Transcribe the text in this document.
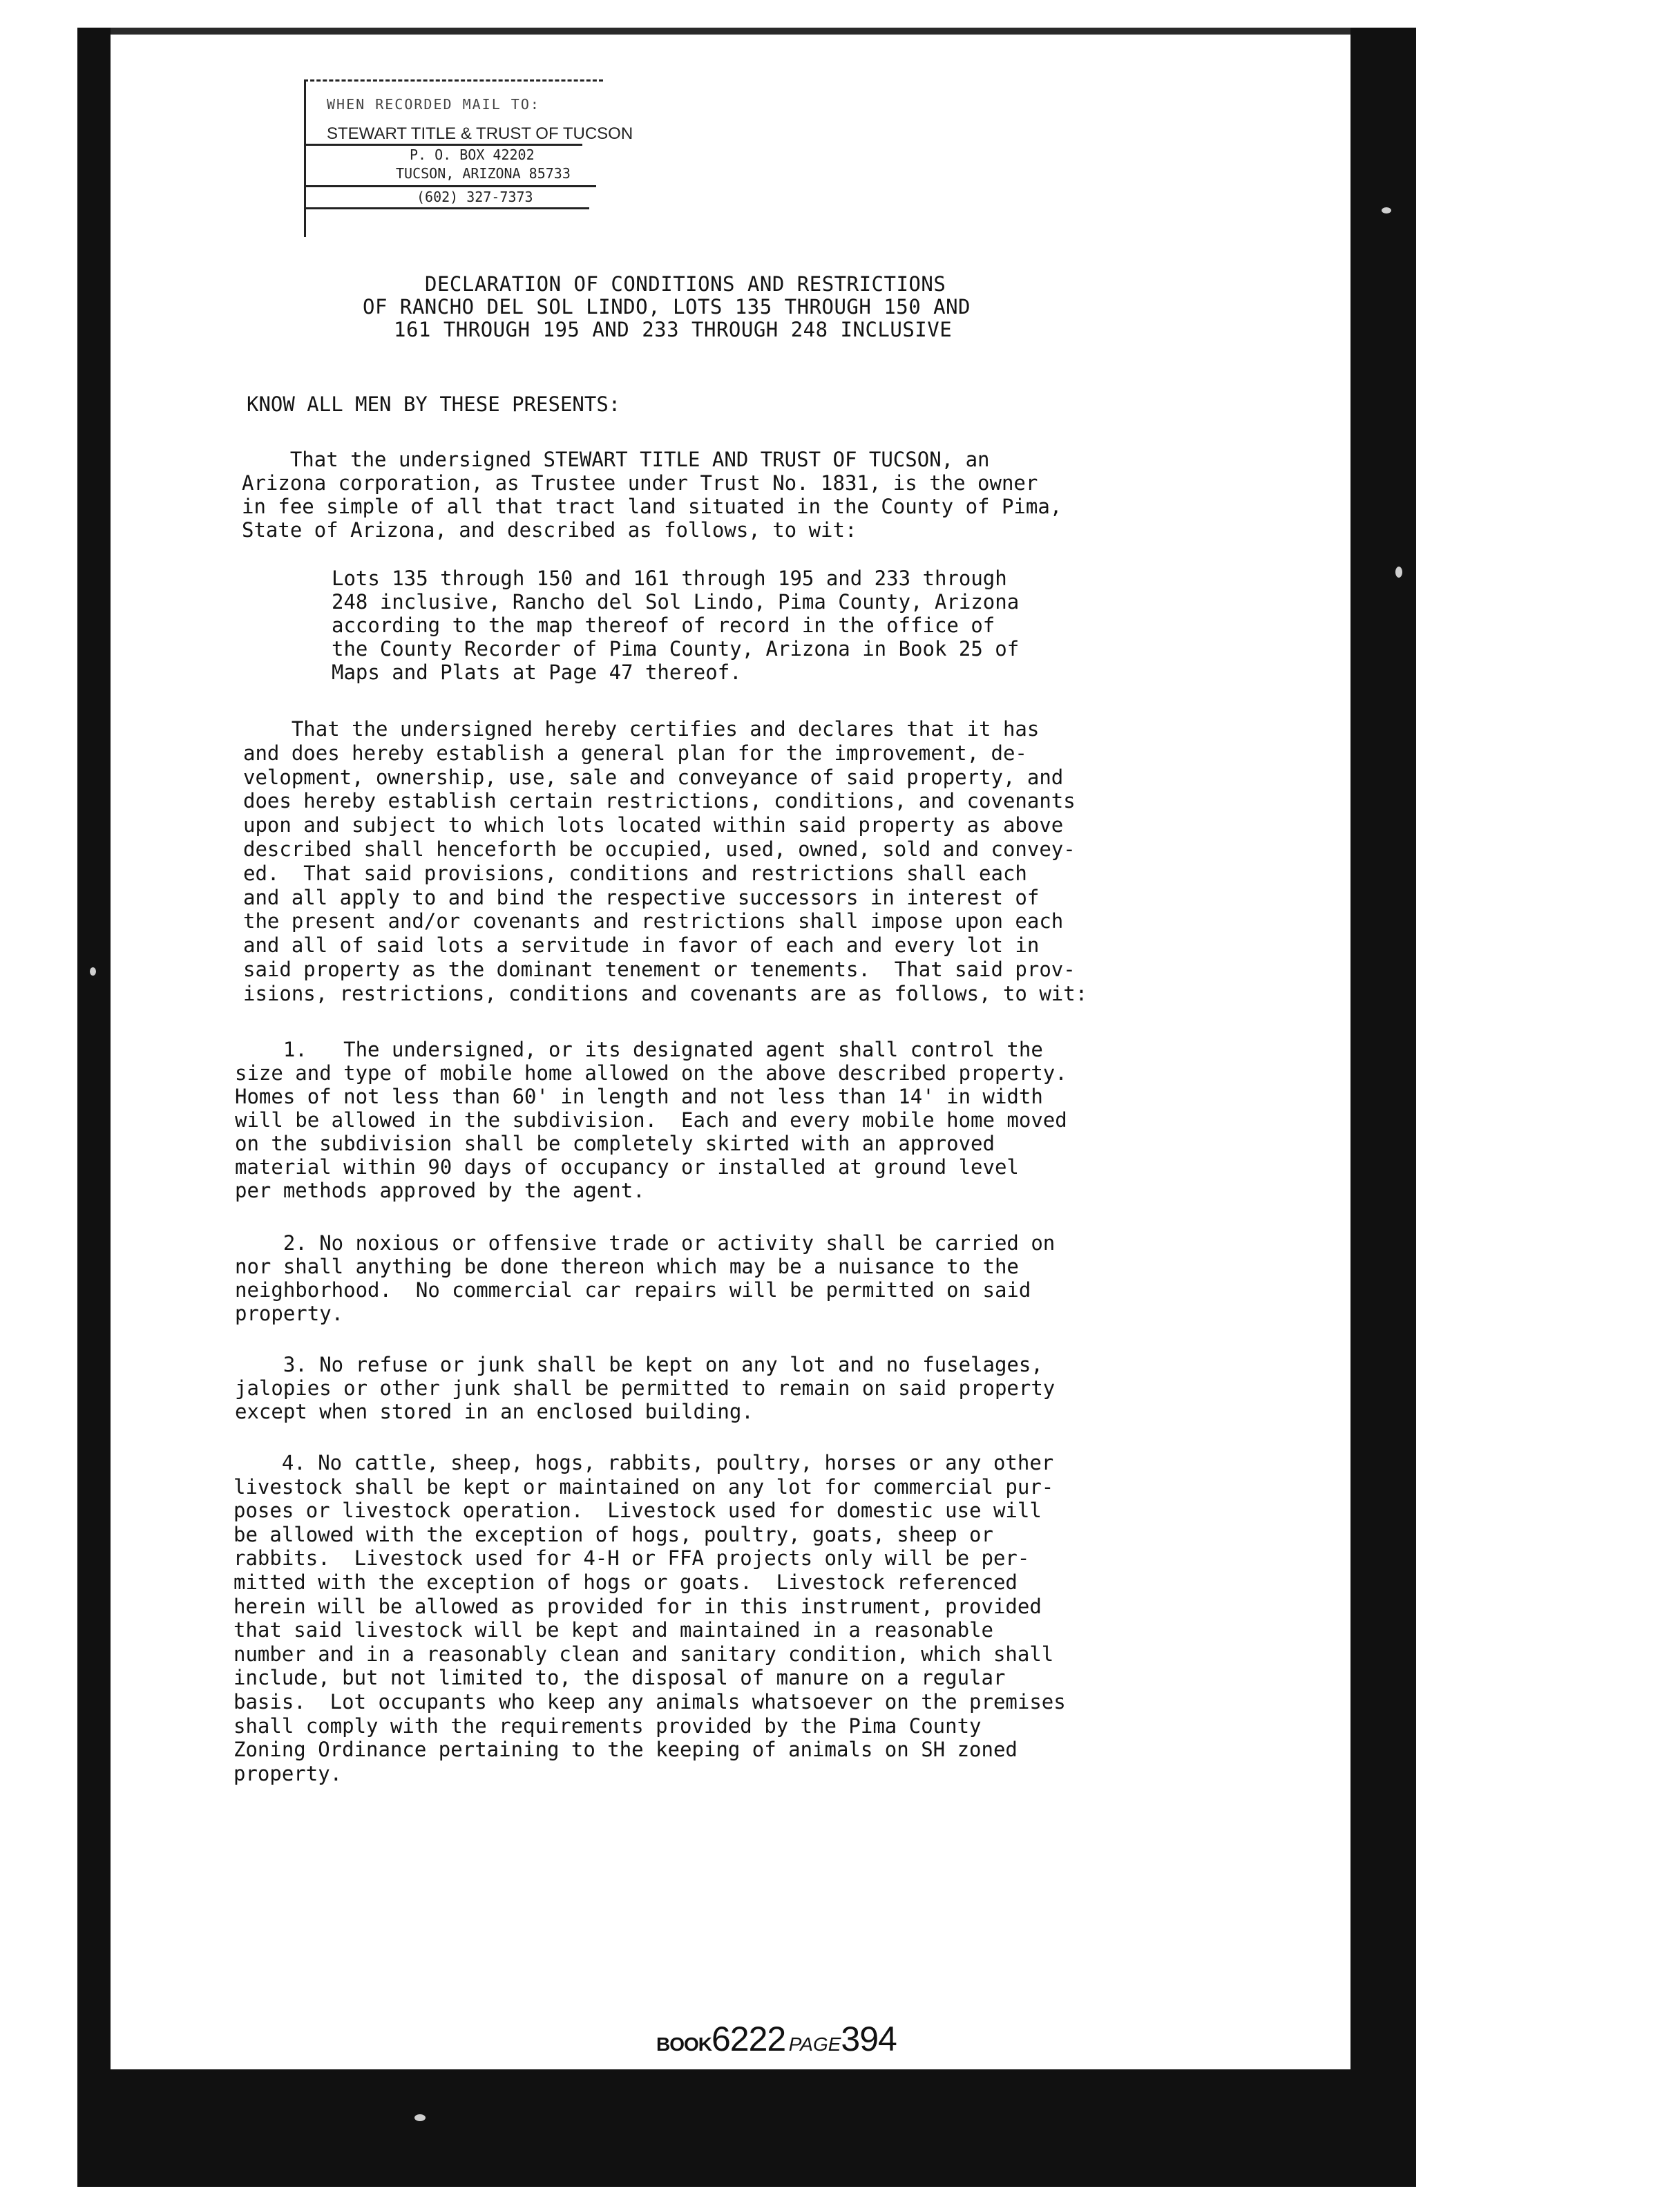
WHEN RECORDED MAIL TO:
STEWART TITLE & TRUST OF TUCSON
P. O. BOX 42202
TUCSON, ARIZONA 85733
(602) 327-7373
DECLARATION OF CONDITIONS AND RESTRICTIONS
OF RANCHO DEL SOL LINDO, LOTS 135 THROUGH 150 AND
161 THROUGH 195 AND 233 THROUGH 248 INCLUSIVE
KNOW ALL MEN BY THESE PRESENTS:
That the undersigned STEWART TITLE AND TRUST OF TUCSON, an
Arizona corporation, as Trustee under Trust No. 1831, is the owner
in fee simple of all that tract land situated in the County of Pima,
State of Arizona, and described as follows, to wit:
Lots 135 through 150 and 161 through 195 and 233 through
248 inclusive, Rancho del Sol Lindo, Pima County, Arizona
according to the map thereof of record in the office of
the County Recorder of Pima County, Arizona in Book 25 of
Maps and Plats at Page 47 thereof.
That the undersigned hereby certifies and declares that it has
and does hereby establish a general plan for the improvement, de-
velopment, ownership, use, sale and conveyance of said property, and
does hereby establish certain restrictions, conditions, and covenants
upon and subject to which lots located within said property as above
described shall henceforth be occupied, used, owned, sold and convey-
ed.  That said provisions, conditions and restrictions shall each
and all apply to and bind the respective successors in interest of
the present and/or covenants and restrictions shall impose upon each
and all of said lots a servitude in favor of each and every lot in
said property as the dominant tenement or tenements.  That said prov-
isions, restrictions, conditions and covenants are as follows, to wit:
1.   The undersigned, or its designated agent shall control the
size and type of mobile home allowed on the above described property.
Homes of not less than 60' in length and not less than 14' in width
will be allowed in the subdivision.  Each and every mobile home moved
on the subdivision shall be completely skirted with an approved
material within 90 days of occupancy or installed at ground level
per methods approved by the agent.
2. No noxious or offensive trade or activity shall be carried on
nor shall anything be done thereon which may be a nuisance to the
neighborhood.  No commercial car repairs will be permitted on said
property.
3. No refuse or junk shall be kept on any lot and no fuselages,
jalopies or other junk shall be permitted to remain on said property
except when stored in an enclosed building.
4. No cattle, sheep, hogs, rabbits, poultry, horses or any other
livestock shall be kept or maintained on any lot for commercial pur-
poses or livestock operation.  Livestock used for domestic use will
be allowed with the exception of hogs, poultry, goats, sheep or
rabbits.  Livestock used for 4-H or FFA projects only will be per-
mitted with the exception of hogs or goats.  Livestock referenced
herein will be allowed as provided for in this instrument, provided
that said livestock will be kept and maintained in a reasonable
number and in a reasonably clean and sanitary condition, which shall
include, but not limited to, the disposal of manure on a regular
basis.  Lot occupants who keep any animals whatsoever on the premises
shall comply with the requirements provided by the Pima County
Zoning Ordinance pertaining to the keeping of animals on SH zoned
property.
BOOK6222 PAGE394
